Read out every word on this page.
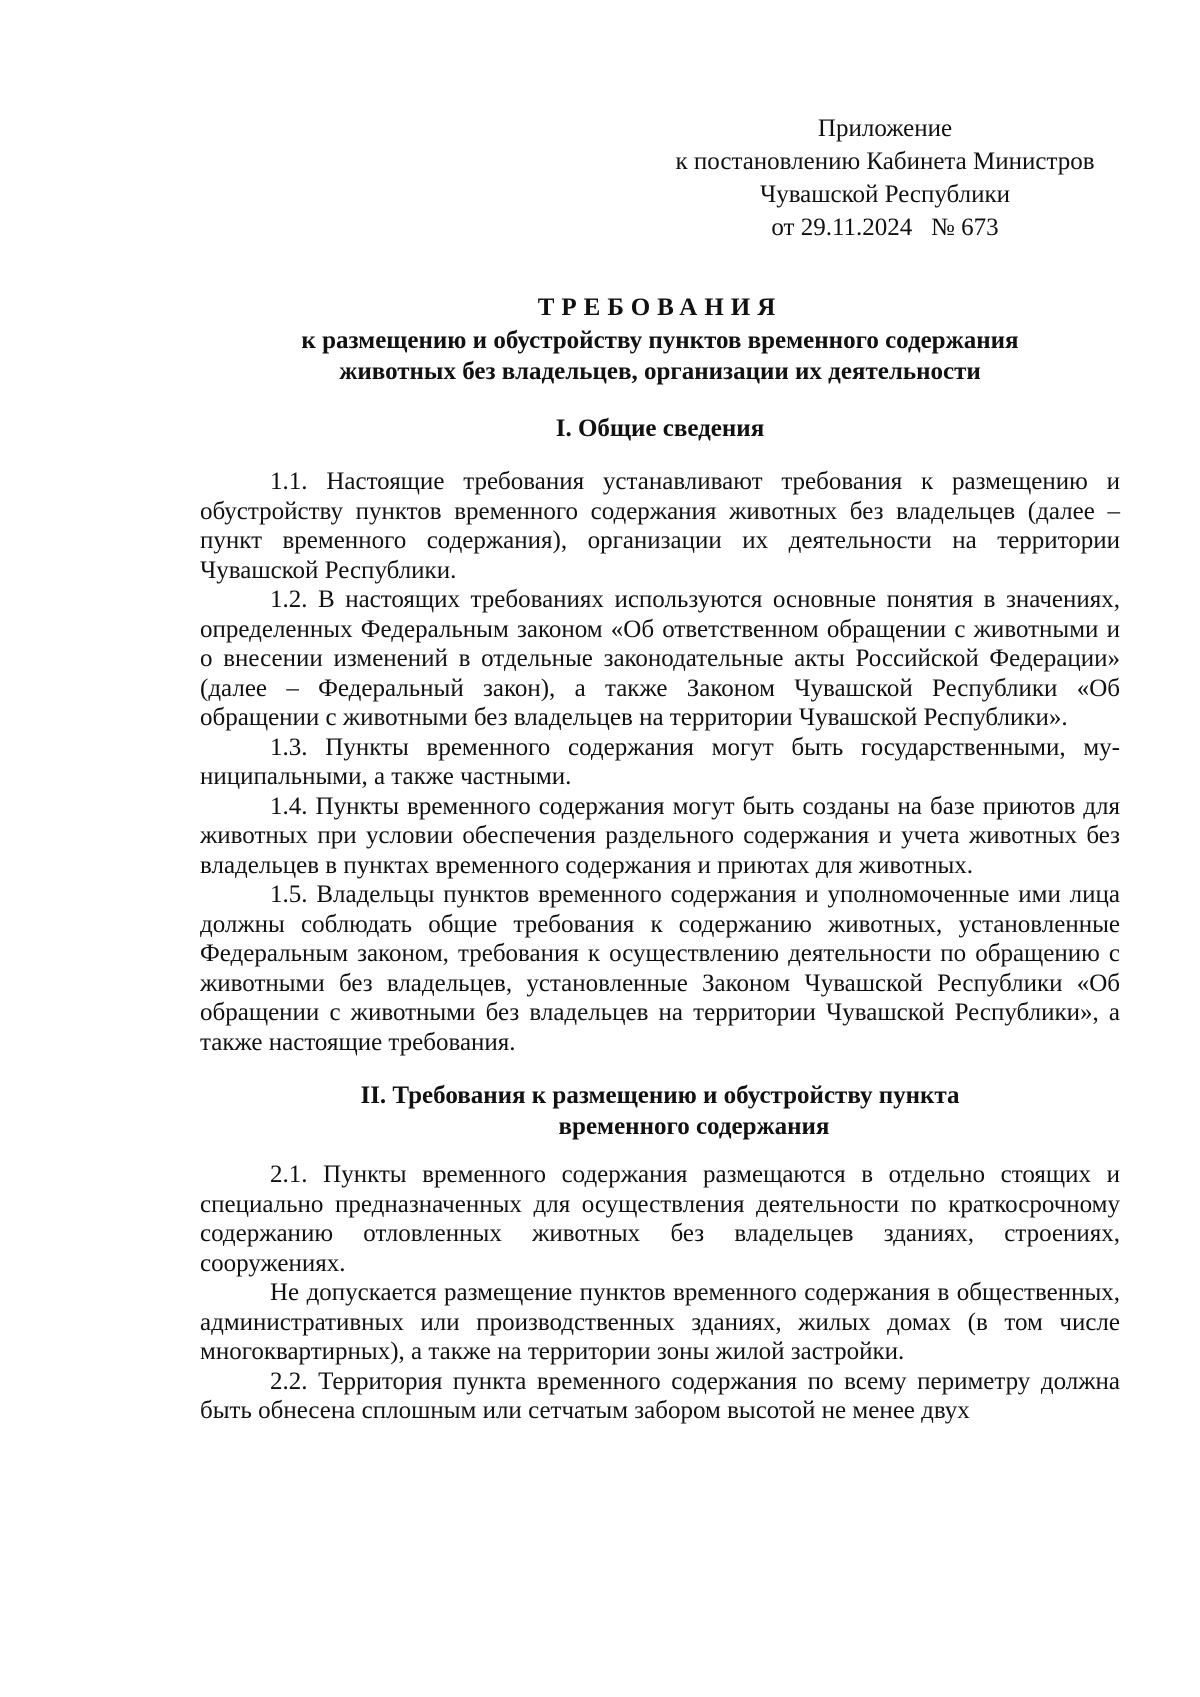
Приложение
к постановлению Кабинета Министров
Чувашской Республики
от 29.11.2024   № 673
ТРЕБОВАНИЯ
к размещению и обустройству пунктов временного содержания
животных без владельцев, организации их деятельности
I. Общие сведения

1.1. Настоящие требования устанавливают требования к размещению и обустройству пунктов временного содержания животных без владельцев (далее – пункт временного содержания), организации их деятельности на территории Чувашской Республики.

1.2. В настоящих требованиях используются основные понятия в значениях, определенных Федеральным законом «Об ответственном обращении с животными и о внесении изменений в отдельные законодательные акты Российской Федерации» (далее – Федеральный закон), а также Законом Чувашской Республики «Об обращении с животными без владельцев на территории Чувашской Республики».

1.3. Пункты временного содержания могут быть государственными, муниципальными, а также частными.

1.4. Пункты временного содержания могут быть созданы на базе приютов для животных при условии обеспечения раздельного содержания и учета животных без владельцев в пунктах временного содержания и приютах для животных.

1.5. Владельцы пунктов временного содержания и уполномоченные ими лица должны соблюдать общие требования к содержанию животных, установленные Федеральным законом, требования к осуществлению деятельности по обращению с животными без владельцев, установленные Законом Чувашской Республики «Об обращении с животными без владельцев на территории Чувашской Республики», а также настоящие требования.

II. Требования к размещению и обустройству пункта
временного содержания

2.1. Пункты временного содержания размещаются в отдельно стоящих и специально предназначенных для осуществления деятельности по краткосрочному содержанию отловленных животных без владельцев зданиях, строениях, сооружениях.

Не допускается размещение пунктов временного содержания в общественных, административных или производственных зданиях, жилых домах (в том числе многоквартирных), а также на территории зоны жилой застройки.

2.2. Территория пункта временного содержания по всему периметру должна быть обнесена сплошным или сетчатым забором высотой не менее двух
